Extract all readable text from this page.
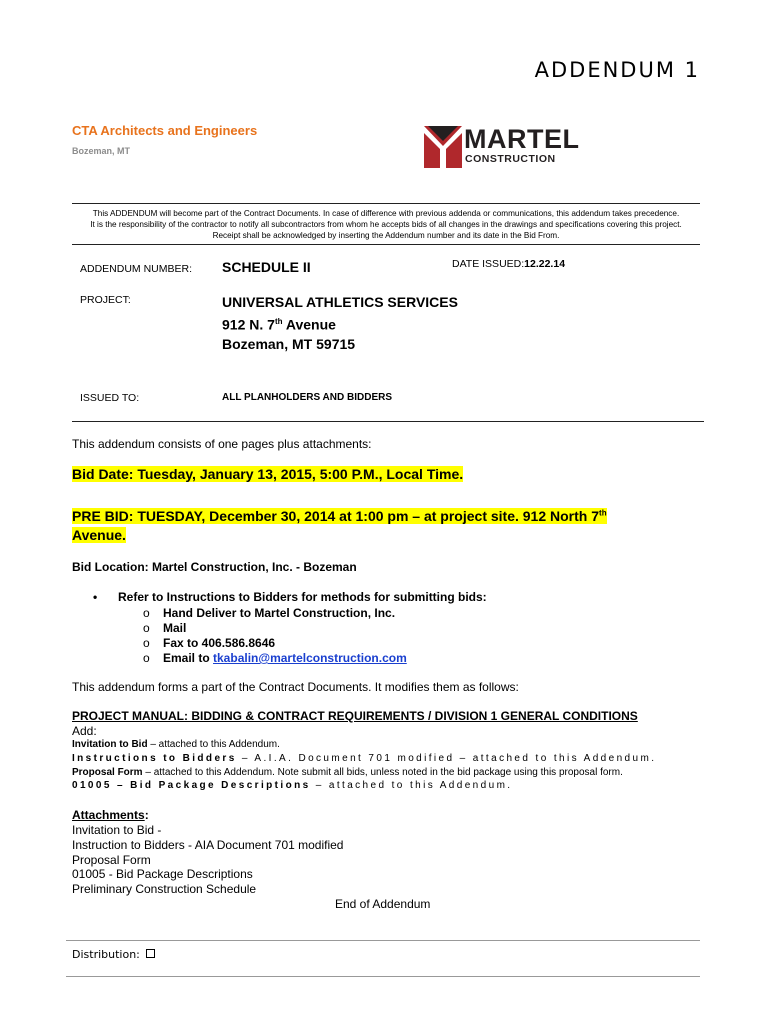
ADDENDUM 1
CTA Architects and Engineers
Bozeman, MT	MARTEL
CONSTRUCTION
This ADDENDUM will become part of the Contract Documents. In case of difference with previous addenda or communications, this addendum takes precedence.
It is the responsibility of the contractor to notify all subcontractors from whom he accepts bids of all changes in the drawings and specifications covering this project.
Receipt shall be acknowledged by inserting the Addendum number and its date in the Bid From.
ADDENDUM NUMBER: SCHEDULE II	DATE ISSUED:12.22.14
PROJECT:	UNIVERSAL ATHLETICS SERVICES
912 N. 7th Avenue
Bozeman, MT 59715
ISSUED TO:	ALL PLANHOLDERS AND BIDDERS
This addendum consists of one pages plus attachments:
Bid Date: Tuesday, January 13, 2015, 5:00 P.M., Local Time.
PRE BID: TUESDAY, December 30, 2014 at 1:00 pm – at project site. 912 North 7th
Avenue.
Bid Location: Martel Construction, Inc. - Bozeman
• Refer to Instructions to Bidders for methods for submitting bids:
o Hand Deliver to Martel Construction, Inc.
o Mail
o Fax to 406.586.8646
o Email to tkabalin@martelconstruction.com
This addendum forms a part of the Contract Documents. It modifies them as follows:
PROJECT MANUAL: BIDDING & CONTRACT REQUIREMENTS / DIVISION 1 GENERAL CONDITIONS
Add:
Invitation to Bid – attached to this Addendum.
Instructions to Bidders – A.I.A. Document 701 modified – attached to this Addendum.
Proposal Form – attached to this Addendum. Note submit all bids, unless noted in the bid package using this proposal form.
01005 – Bid Package Descriptions – attached to this Addendum.
Attachments:
Invitation to Bid -
Instruction to Bidders - AIA Document 701 modified
Proposal Form
01005 - Bid Package Descriptions
Preliminary Construction Schedule
End of Addendum
Distribution:
